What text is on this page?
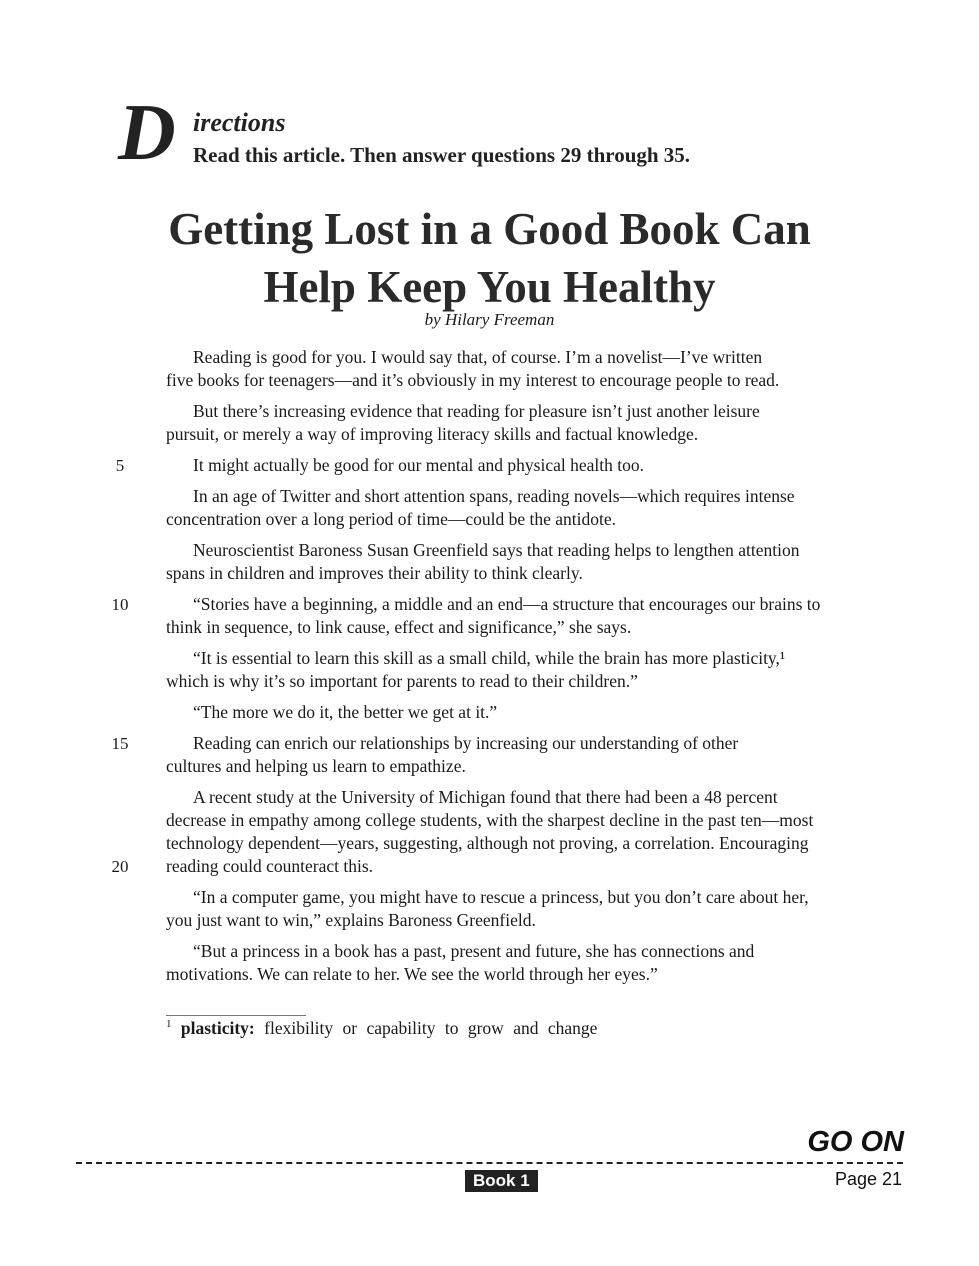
D irections
Read this article. Then answer questions 29 through 35.
Getting Lost in a Good Book Can
Help Keep You Healthy
by Hilary Freeman

Reading is good for you. I would say that, of course. I’m a novelist—I’ve written
five books for teenagers—and it’s obviously in my interest to encourage people to read.

But there’s increasing evidence that reading for pleasure isn’t just another leisure
pursuit, or merely a way of improving literacy skills and factual knowledge.

It might actually be good for our mental and physical health too.

In an age of Twitter and short attention spans, reading novels—which requires intense
concentration over a long period of time—could be the antidote.

Neuroscientist Baroness Susan Greenfield says that reading helps to lengthen attention
spans in children and improves their ability to think clearly.

“Stories have a beginning, a middle and an end—a structure that encourages our brains to
think in sequence, to link cause, effect and significance,” she says.

“It is essential to learn this skill as a small child, while the brain has more plasticity,¹
which is why it’s so important for parents to read to their children.”

“The more we do it, the better we get at it.”

Reading can enrich our relationships by increasing our understanding of other
cultures and helping us learn to empathize.

A recent study at the University of Michigan found that there had been a 48 percent
decrease in empathy among college students, with the sharpest decline in the past ten—most
technology dependent—years, suggesting, although not proving, a correlation. Encouraging
reading could counteract this.

“In a computer game, you might have to rescue a princess, but you don’t care about her,
you just want to win,” explains Baroness Greenfield.

“But a princess in a book has a past, present and future, she has connections and
motivations. We can relate to her. We see the world through her eyes.”

5
10
15
20
$^1$ plasticity: flexibility or capability to grow and change
GO ON
Book 1	Page 21
